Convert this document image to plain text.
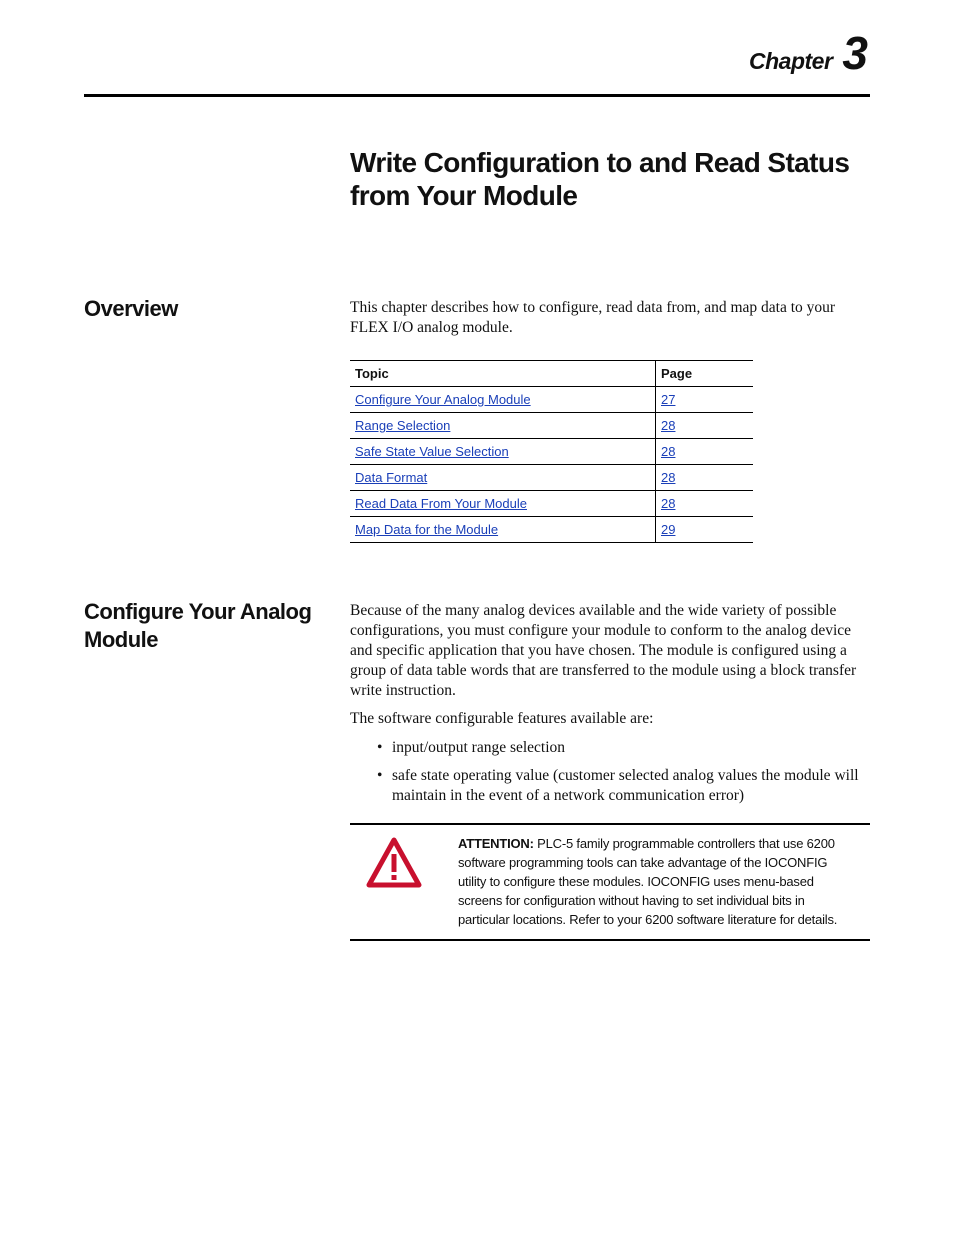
Chapter 3
Write Configuration to and Read Status from Your Module
Overview	This chapter describes how to configure, read data from, and map data to your FLEX I/O analog module.

Topic	Page
Configure Your Analog Module	27
Range Selection	28
Safe State Value Selection	28
Data Format	28
Read Data From Your Module	28
Map Data for the Module	29
Configure Your Analog Module

Because of the many analog devices available and the wide variety of possible configurations, you must configure your module to conform to the analog device and specific application that you have chosen. The module is configured using a group of data table words that are transferred to the module using a block transfer write instruction.

The software configurable features available are:

• input/output range selection
• safe state operating value (customer selected analog values the module will maintain in the event of a network communication error)

ATTENTION: PLC-5 family programmable controllers that use 6200 software programming tools can take advantage of the IOCONFIG utility to configure these modules. IOCONFIG uses menu-based screens for configuration without having to set individual bits in particular locations. Refer to your 6200 software literature for details.
